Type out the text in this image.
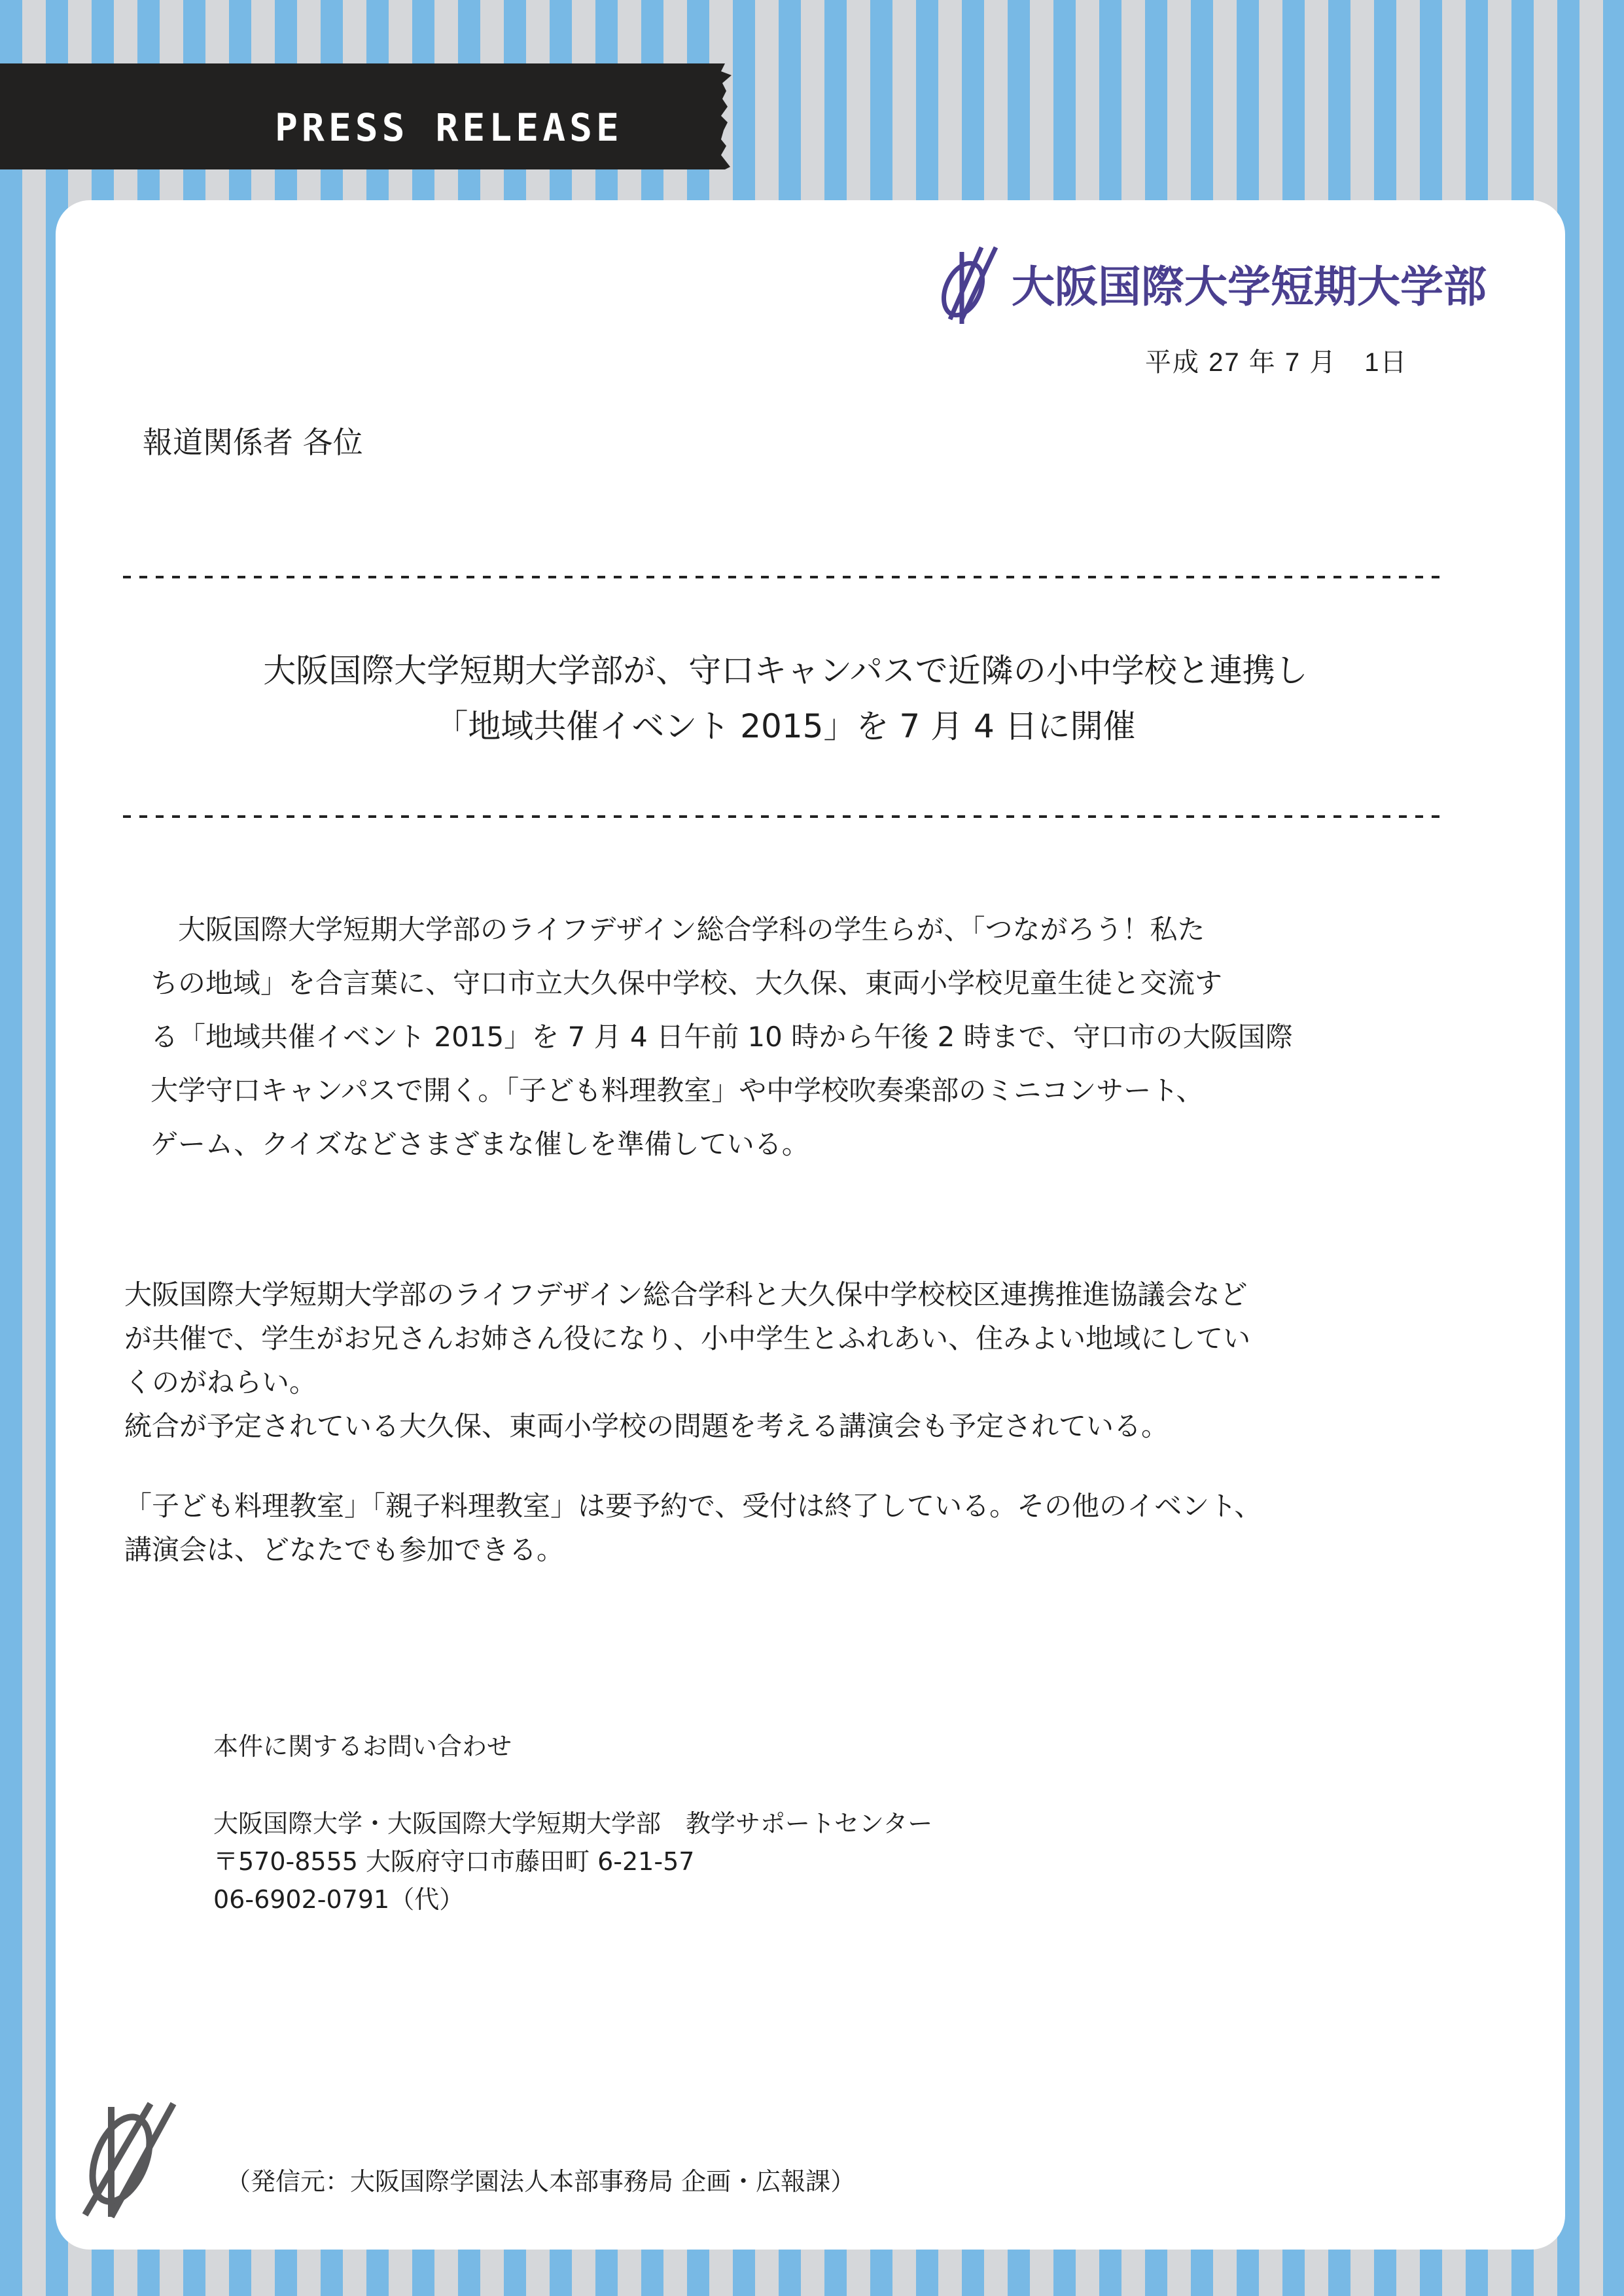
PRESS RELEASE
大阪国際大学短期大学部
平成 27 年 7 月　1日
報道関係者 各位
大阪国際大学短期大学部が、守口キャンパスで近隣の小中学校と連携し
「地域共催イベント 2015」を 7 月 4 日に開催

　大阪国際大学短期大学部のライフデザイン総合学科の学生らが、「つながろう！私た

ちの地域」を合言葉に、守口市立大久保中学校、大久保、東両小学校児童生徒と交流す

る「地域共催イベント 2015」を 7 月 4 日午前 10 時から午後 2 時まで、守口市の大阪国際

大学守口キャンパスで開く。「子ども料理教室」や中学校吹奏楽部のミニコンサート、

ゲーム、クイズなどさまざまな催しを準備している。

大阪国際大学短期大学部のライフデザイン総合学科と大久保中学校校区連携推進協議会など

が共催で、学生がお兄さんお姉さん役になり、小中学生とふれあい、住みよい地域にしてい

くのがねらい。

統合が予定されている大久保、東両小学校の問題を考える講演会も予定されている。

「子ども料理教室」「親子料理教室」は要予約で、受付は終了している。その他のイベント、

講演会は、どなたでも参加できる。

本件に関するお問い合わせ

大阪国際大学・大阪国際大学短期大学部　教学サポートセンター

〒570-8555 大阪府守口市藤田町 6-21-57

06-6902-0791（代）

（発信元：大阪国際学園法人本部事務局 企画・広報課）
